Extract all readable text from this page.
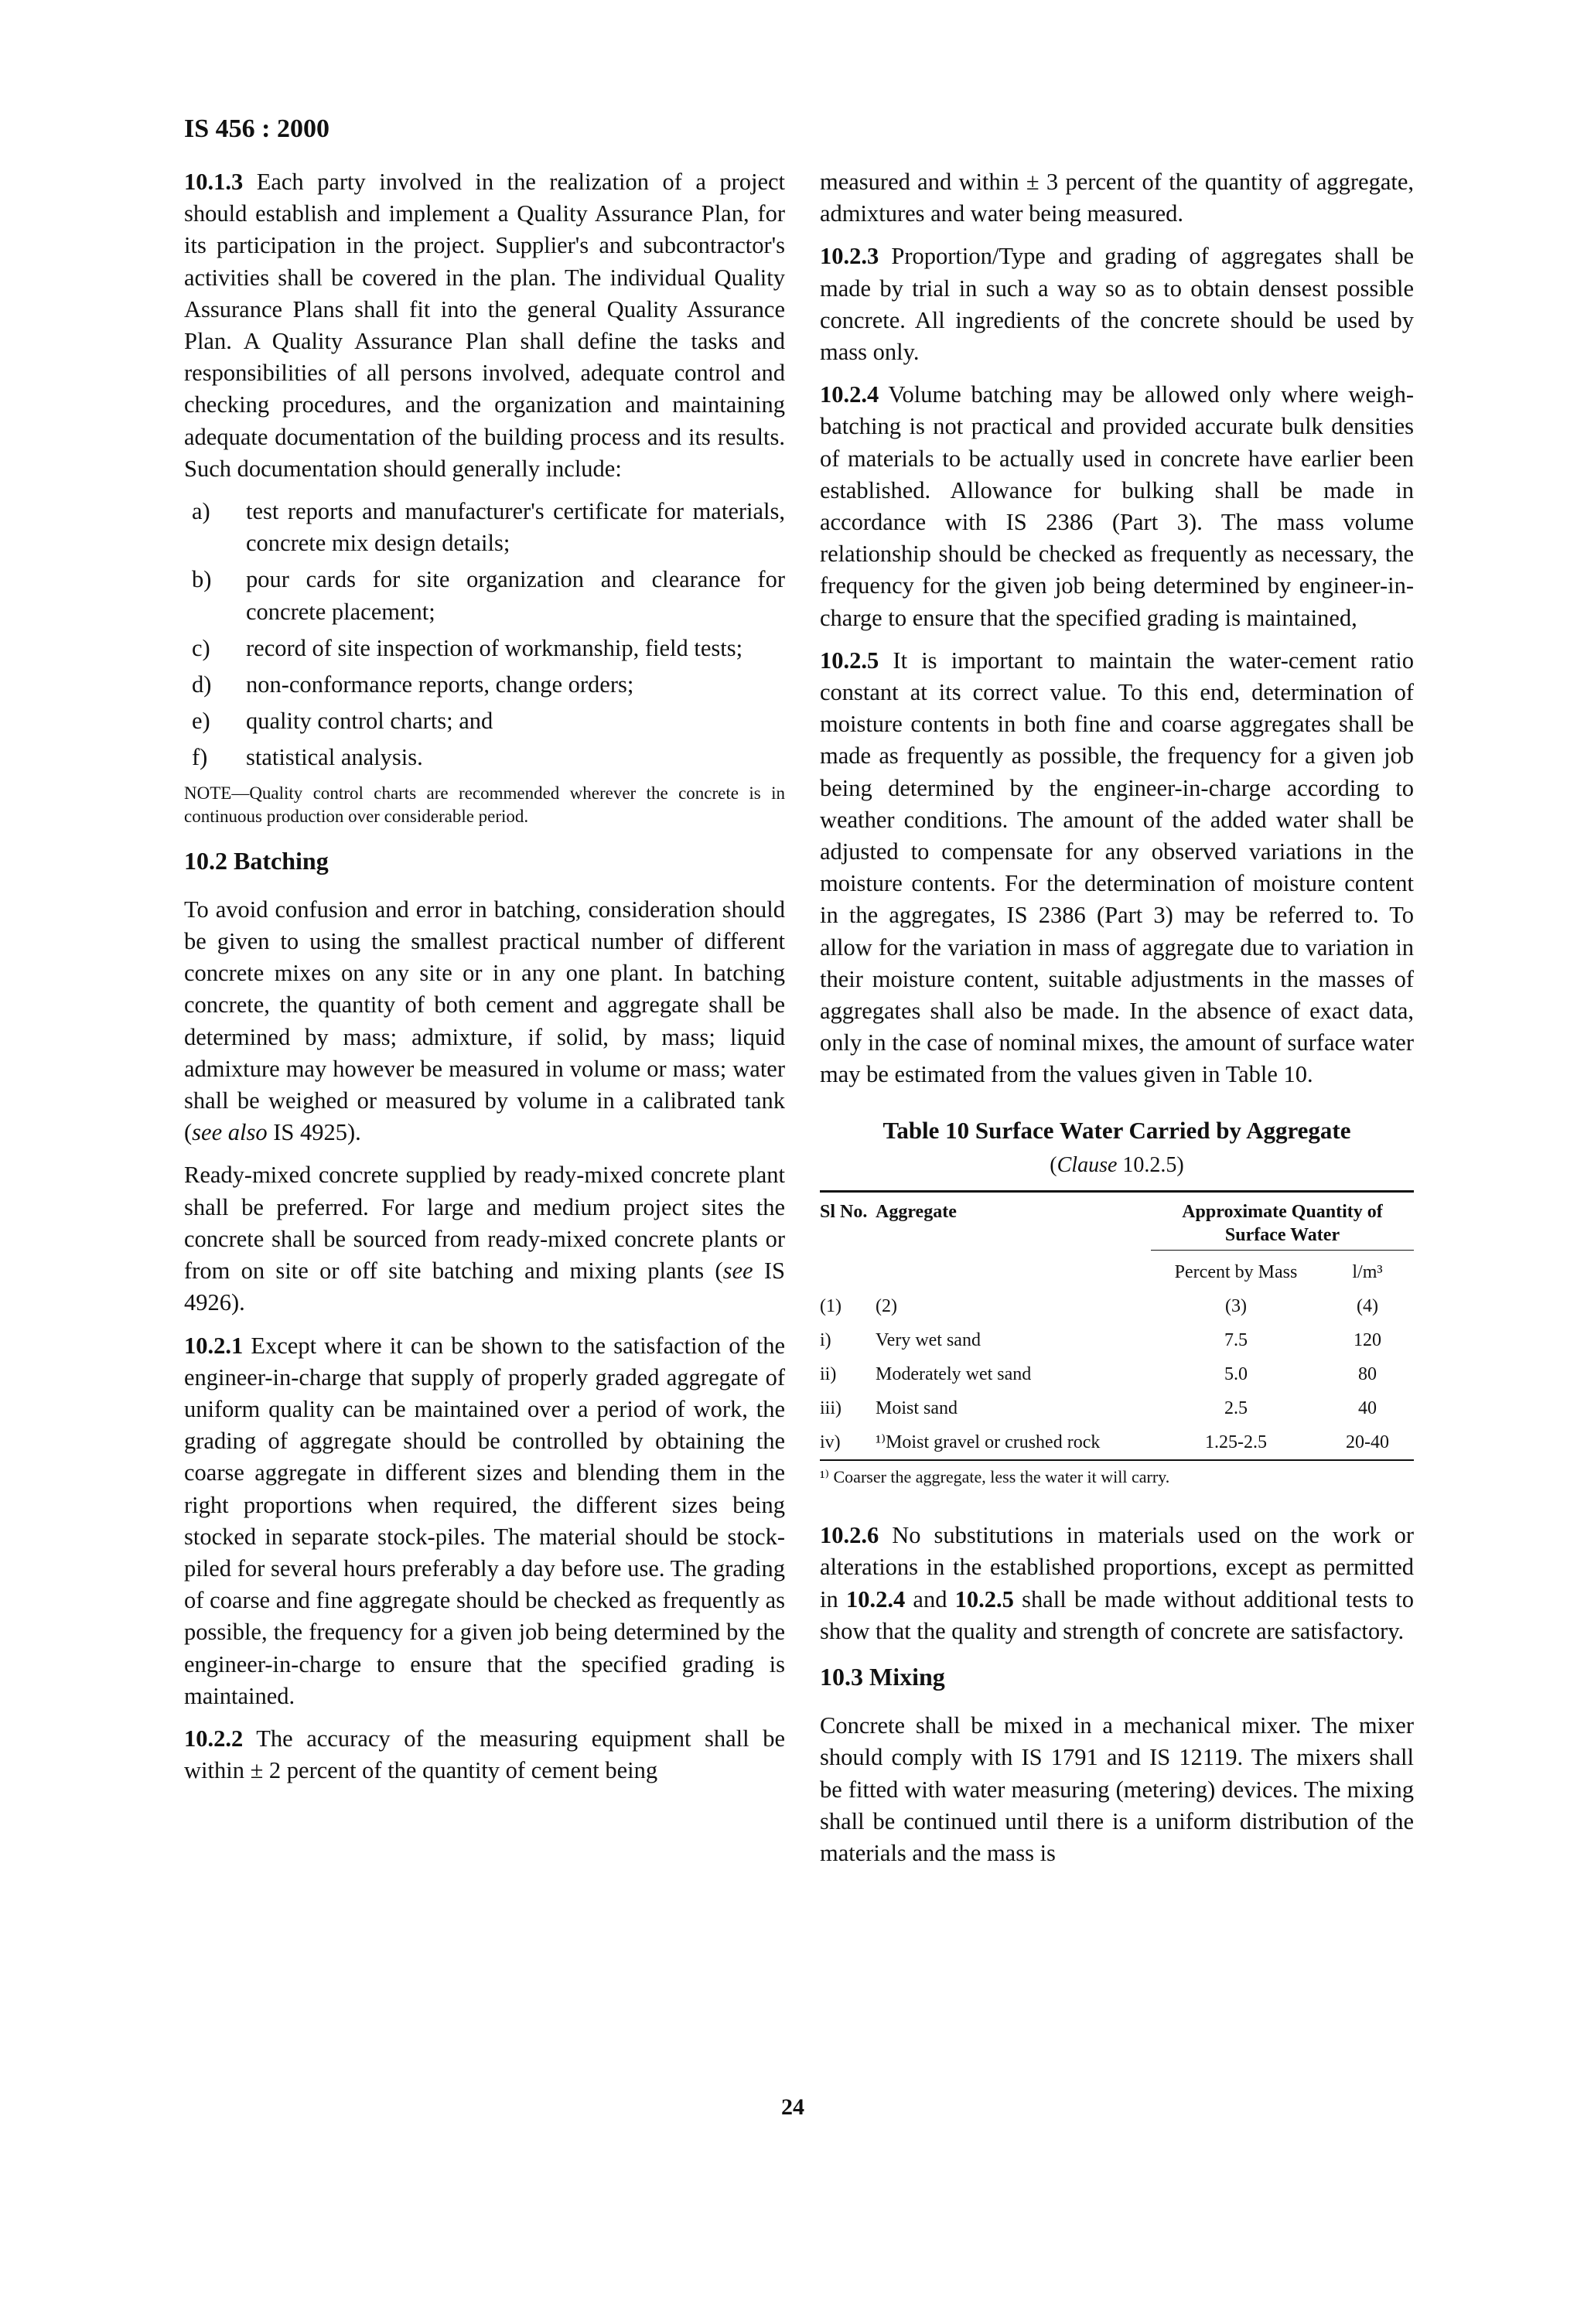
IS 456 : 2000

10.1.3 Each party involved in the realization of a project should establish and implement a Quality Assurance Plan, for its participation in the project. Supplier's and subcontractor's activities shall be covered in the plan. The individual Quality Assurance Plans shall fit into the general Quality Assurance Plan. A Quality Assurance Plan shall define the tasks and responsibilities of all persons involved, adequate control and checking procedures, and the organization and maintaining adequate documentation of the building process and its results. Such documentation should generally include:

a)	test reports and manufacturer's certificate for materials, concrete mix design details;
b)	pour cards for site organization and clearance for concrete placement;
c)	record of site inspection of workmanship, field tests;
d)	non-conformance reports, change orders;
e)	quality control charts; and
f)	statistical analysis.
NOTE—Quality control charts are recommended wherever the concrete is in continuous production over considerable period.
10.2 Batching

To avoid confusion and error in batching, consideration should be given to using the smallest practical number of different concrete mixes on any site or in any one plant. In batching concrete, the quantity of both cement and aggregate shall be determined by mass; admixture, if solid, by mass; liquid admixture may however be measured in volume or mass; water shall be weighed or measured by volume in a calibrated tank (see also IS 4925).

Ready-mixed concrete supplied by ready-mixed concrete plant shall be preferred. For large and medium project sites the concrete shall be sourced from ready-mixed concrete plants or from on site or off site batching and mixing plants (see IS 4926).

10.2.1 Except where it can be shown to the satisfaction of the engineer-in-charge that supply of properly graded aggregate of uniform quality can be maintained over a period of work, the grading of aggregate should be controlled by obtaining the coarse aggregate in different sizes and blending them in the right proportions when required, the different sizes being stocked in separate stock-piles. The material should be stock-piled for several hours preferably a day before use. The grading of coarse and fine aggregate should be checked as frequently as possible, the frequency for a given job being determined by the engineer-in-charge to ensure that the specified grading is maintained.

10.2.2 The accuracy of the measuring equipment shall be within ± 2 percent of the quantity of cement being

measured and within ± 3 percent of the quantity of aggregate, admixtures and water being measured.

10.2.3 Proportion/Type and grading of aggregates shall be made by trial in such a way so as to obtain densest possible concrete. All ingredients of the concrete should be used by mass only.

10.2.4 Volume batching may be allowed only where weigh-batching is not practical and provided accurate bulk densities of materials to be actually used in concrete have earlier been established. Allowance for bulking shall be made in accordance with IS 2386 (Part 3). The mass volume relationship should be checked as frequently as necessary, the frequency for the given job being determined by engineer-in-charge to ensure that the specified grading is maintained,

10.2.5 It is important to maintain the water-cement ratio constant at its correct value. To this end, determination of moisture contents in both fine and coarse aggregates shall be made as frequently as possible, the frequency for a given job being determined by the engineer-in-charge according to weather conditions. The amount of the added water shall be adjusted to compensate for any observed variations in the moisture contents. For the determination of moisture content in the aggregates, IS 2386 (Part 3) may be referred to. To allow for the variation in mass of aggregate due to variation in their moisture content, suitable adjustments in the masses of aggregates shall also be made. In the absence of exact data, only in the case of nominal mixes, the amount of surface water may be estimated from the values given in Table 10.

Table 10 Surface Water Carried by Aggregate
(Clause 10.2.5)
Sl No. Aggregate	Approximate Quantity of Surface Water
Percent by Mass	l/m³
(1)	(2)	(3)	(4)
i)	Very wet sand	7.5	120
ii)	Moderately wet sand	5.0	80
iii)	Moist sand	2.5	40
iv)	¹⁾Moist gravel or crushed rock	1.25-2.5	20-40
¹⁾ Coarser the aggregate, less the water it will carry.

10.2.6 No substitutions in materials used on the work or alterations in the established proportions, except as permitted in 10.2.4 and 10.2.5 shall be made without additional tests to show that the quality and strength of concrete are satisfactory.

10.3 Mixing

Concrete shall be mixed in a mechanical mixer. The mixer should comply with IS 1791 and IS 12119. The mixers shall be fitted with water measuring (metering) devices. The mixing shall be continued until there is a uniform distribution of the materials and the mass is

24
